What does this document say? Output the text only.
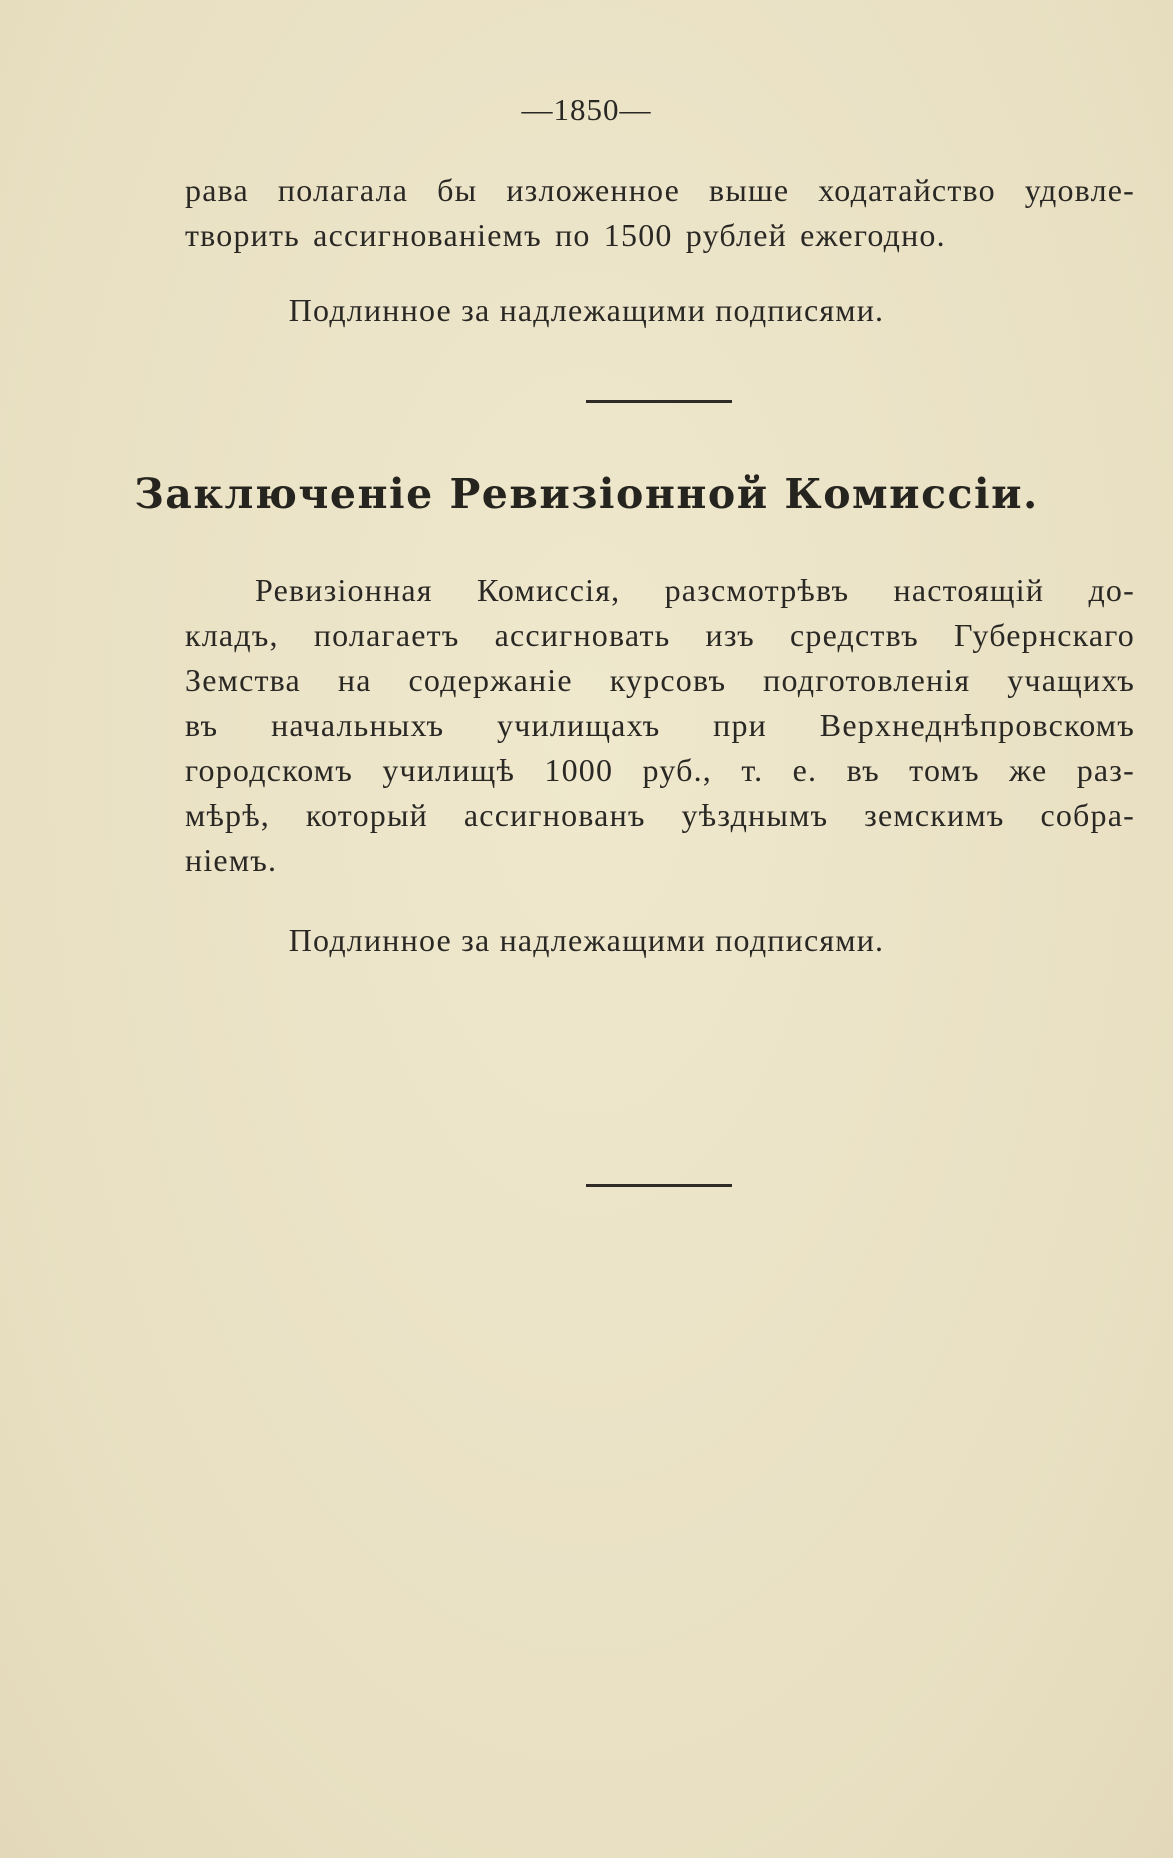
—1850—
рава полагала бы изложенное выше ходатайство удовле-
творить ассигнованіемъ по 1500 рублей ежегодно.
Подлинное за надлежащими подписями.
Заключеніе Ревизіонной Комиссіи.
Ревизіонная Комиссія, разсмотрѣвъ настоящій до-
кладъ, полагаетъ ассигновать изъ средствъ Губернскаго
Земства на содержаніе курсовъ подготовленія учащихъ
въ начальныхъ училищахъ при Верхнеднѣпровскомъ
городскомъ училищѣ 1000 руб., т. е. въ томъ же раз-
мѣрѣ, который ассигнованъ уѣзднымъ земскимъ собра-
ніемъ.
Подлинное за надлежащими подписями.
